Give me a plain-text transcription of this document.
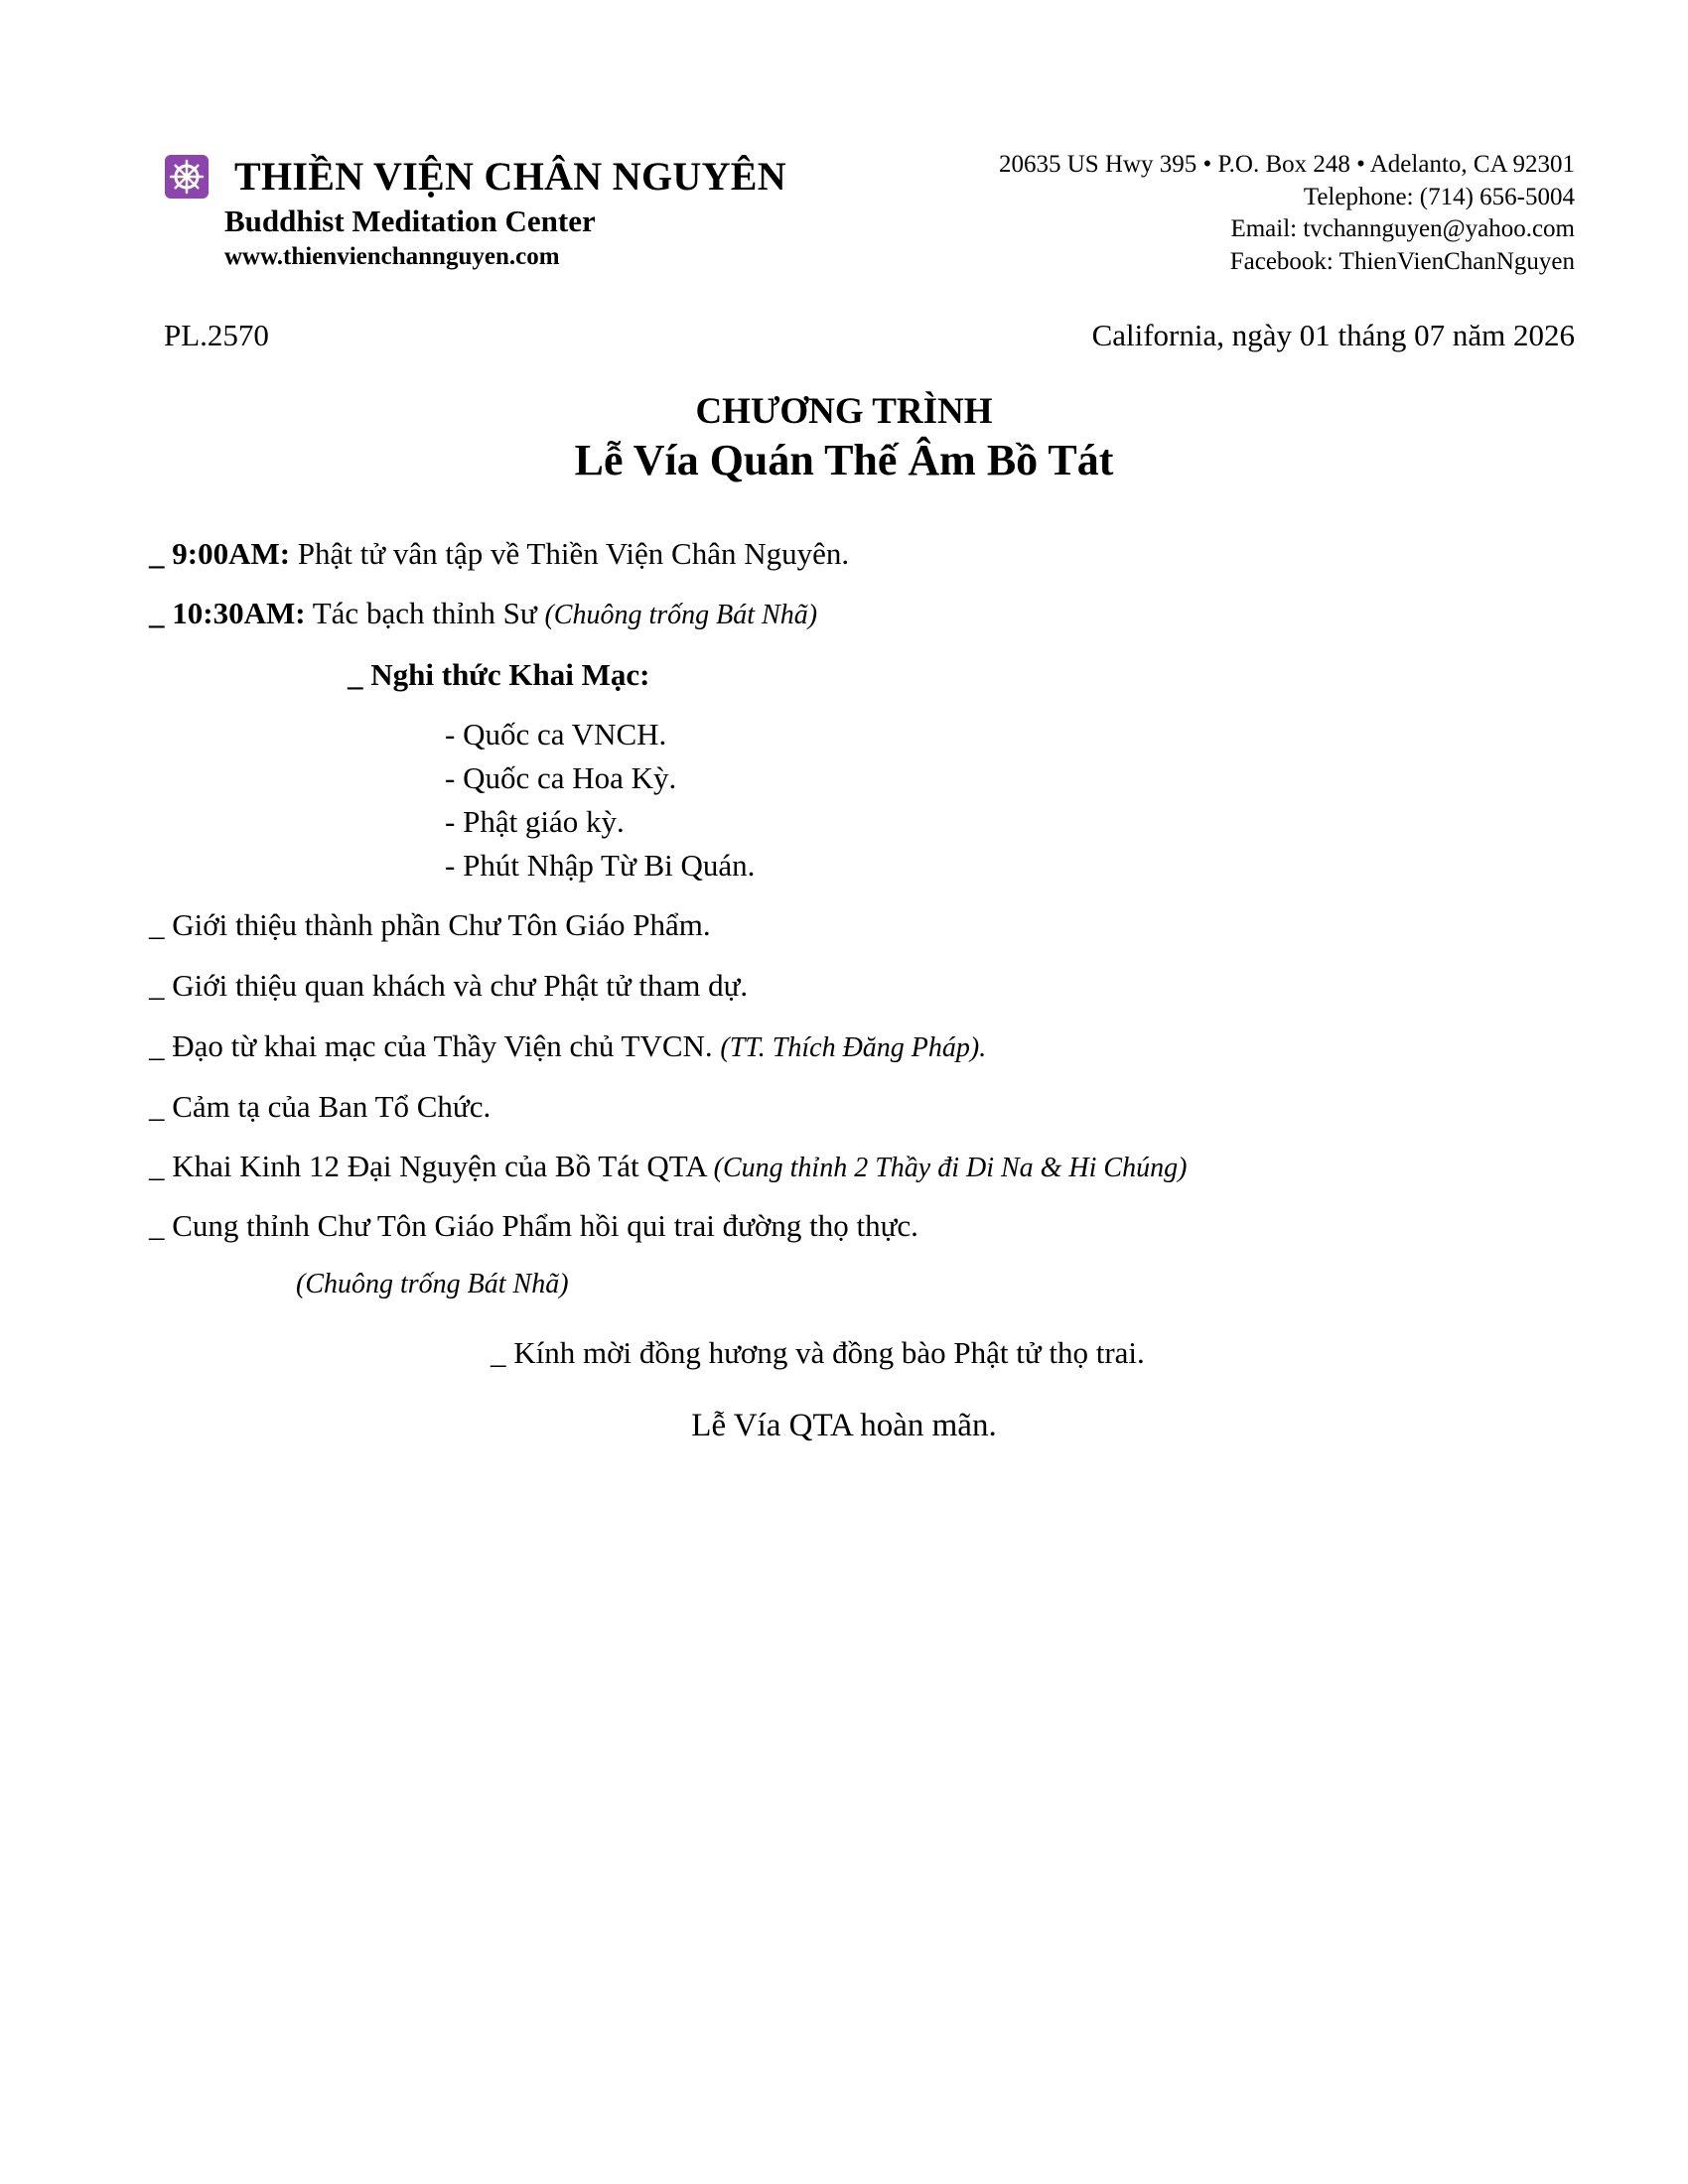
THIỀN VIỆN CHÂN NGUYÊN
Buddhist Meditation Center
www.thienvienchannguyen.com
20635 US Hwy 395 • P.O. Box 248 • Adelanto, CA 92301
Telephone: (714) 656-5004
Email: tvchannguyen@yahoo.com
Facebook: ThienVienChanNguyen
PL.2570	California, ngày 01 tháng 07 năm 2026
CHƯƠNG TRÌNH
Lễ Vía Quán Thế Âm Bồ Tát
_ 9:00AM: Phật tử vân tập về Thiền Viện Chân Nguyên.
_ 10:30AM: Tác bạch thỉnh Sư (Chuông trống Bát Nhã)
_ Nghi thức Khai Mạc:
- Quốc ca VNCH.
- Quốc ca Hoa Kỳ.
- Phật giáo kỳ.
- Phút Nhập Từ Bi Quán.
_ Giới thiệu thành phần Chư Tôn Giáo Phẩm.
_ Giới thiệu quan khách và chư Phật tử tham dự.
_ Đạo từ khai mạc của Thầy Viện chủ TVCN. (TT. Thích Đăng Pháp).
_ Cảm tạ của Ban Tổ Chức.
_ Khai Kinh 12 Đại Nguyện của Bồ Tát QTA (Cung thỉnh 2 Thầy đi Di Na & Hi Chúng)
_ Cung thỉnh Chư Tôn Giáo Phẩm hồi qui trai đường thọ thực.
(Chuông trống Bát Nhã)
_ Kính mời đồng hương và đồng bào Phật tử thọ trai.
Lễ Vía QTA hoàn mãn.
